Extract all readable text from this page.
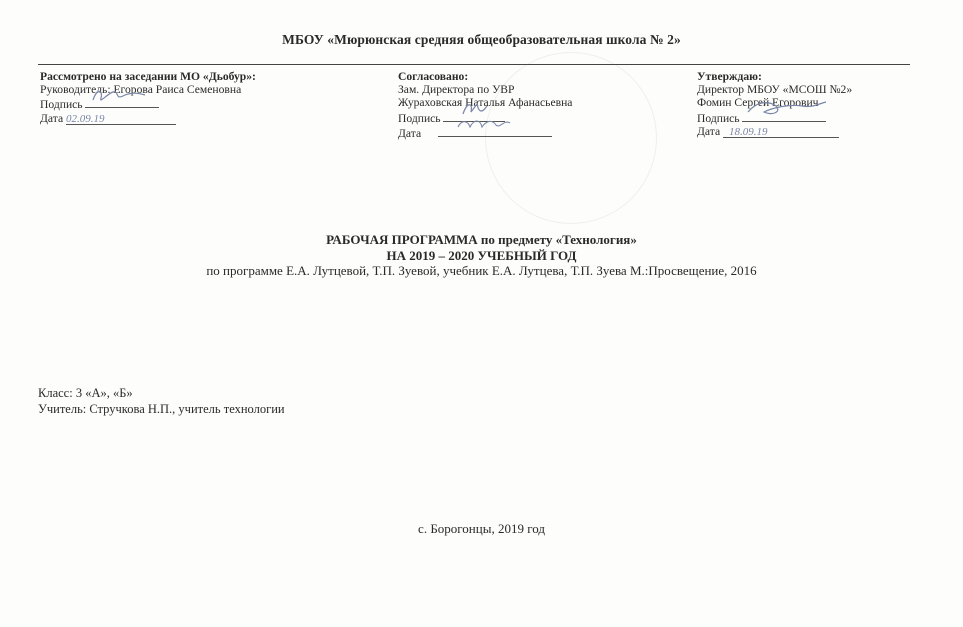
МБОУ «Мюрюнская средняя общеобразовательная школа № 2»
Рассмотрено на заседании МО «Дьобур»:
Руководитель: Егорова Раиса Семеновна
Подпись
Дата 02.09.19
Согласовано:
Зам. Директора по УВР
Жураховская Наталья Афанасьевна
Подпись
Дата
Утверждаю:
Директор МБОУ «МСОШ №2»
Фомин Сергей Егорович
Подпись
Дата 18.09.19
РАБОЧАЯ ПРОГРАММА по предмету «Технология»
НА 2019 – 2020 УЧЕБНЫЙ ГОД
по программе Е.А. Лутцевой, Т.П. Зуевой, учебник Е.А. Лутцева, Т.П. Зуева М.:Просвещение, 2016
Класс: 3 «А», «Б»
Учитель: Стручкова Н.П., учитель технологии
с. Борогонцы, 2019 год
